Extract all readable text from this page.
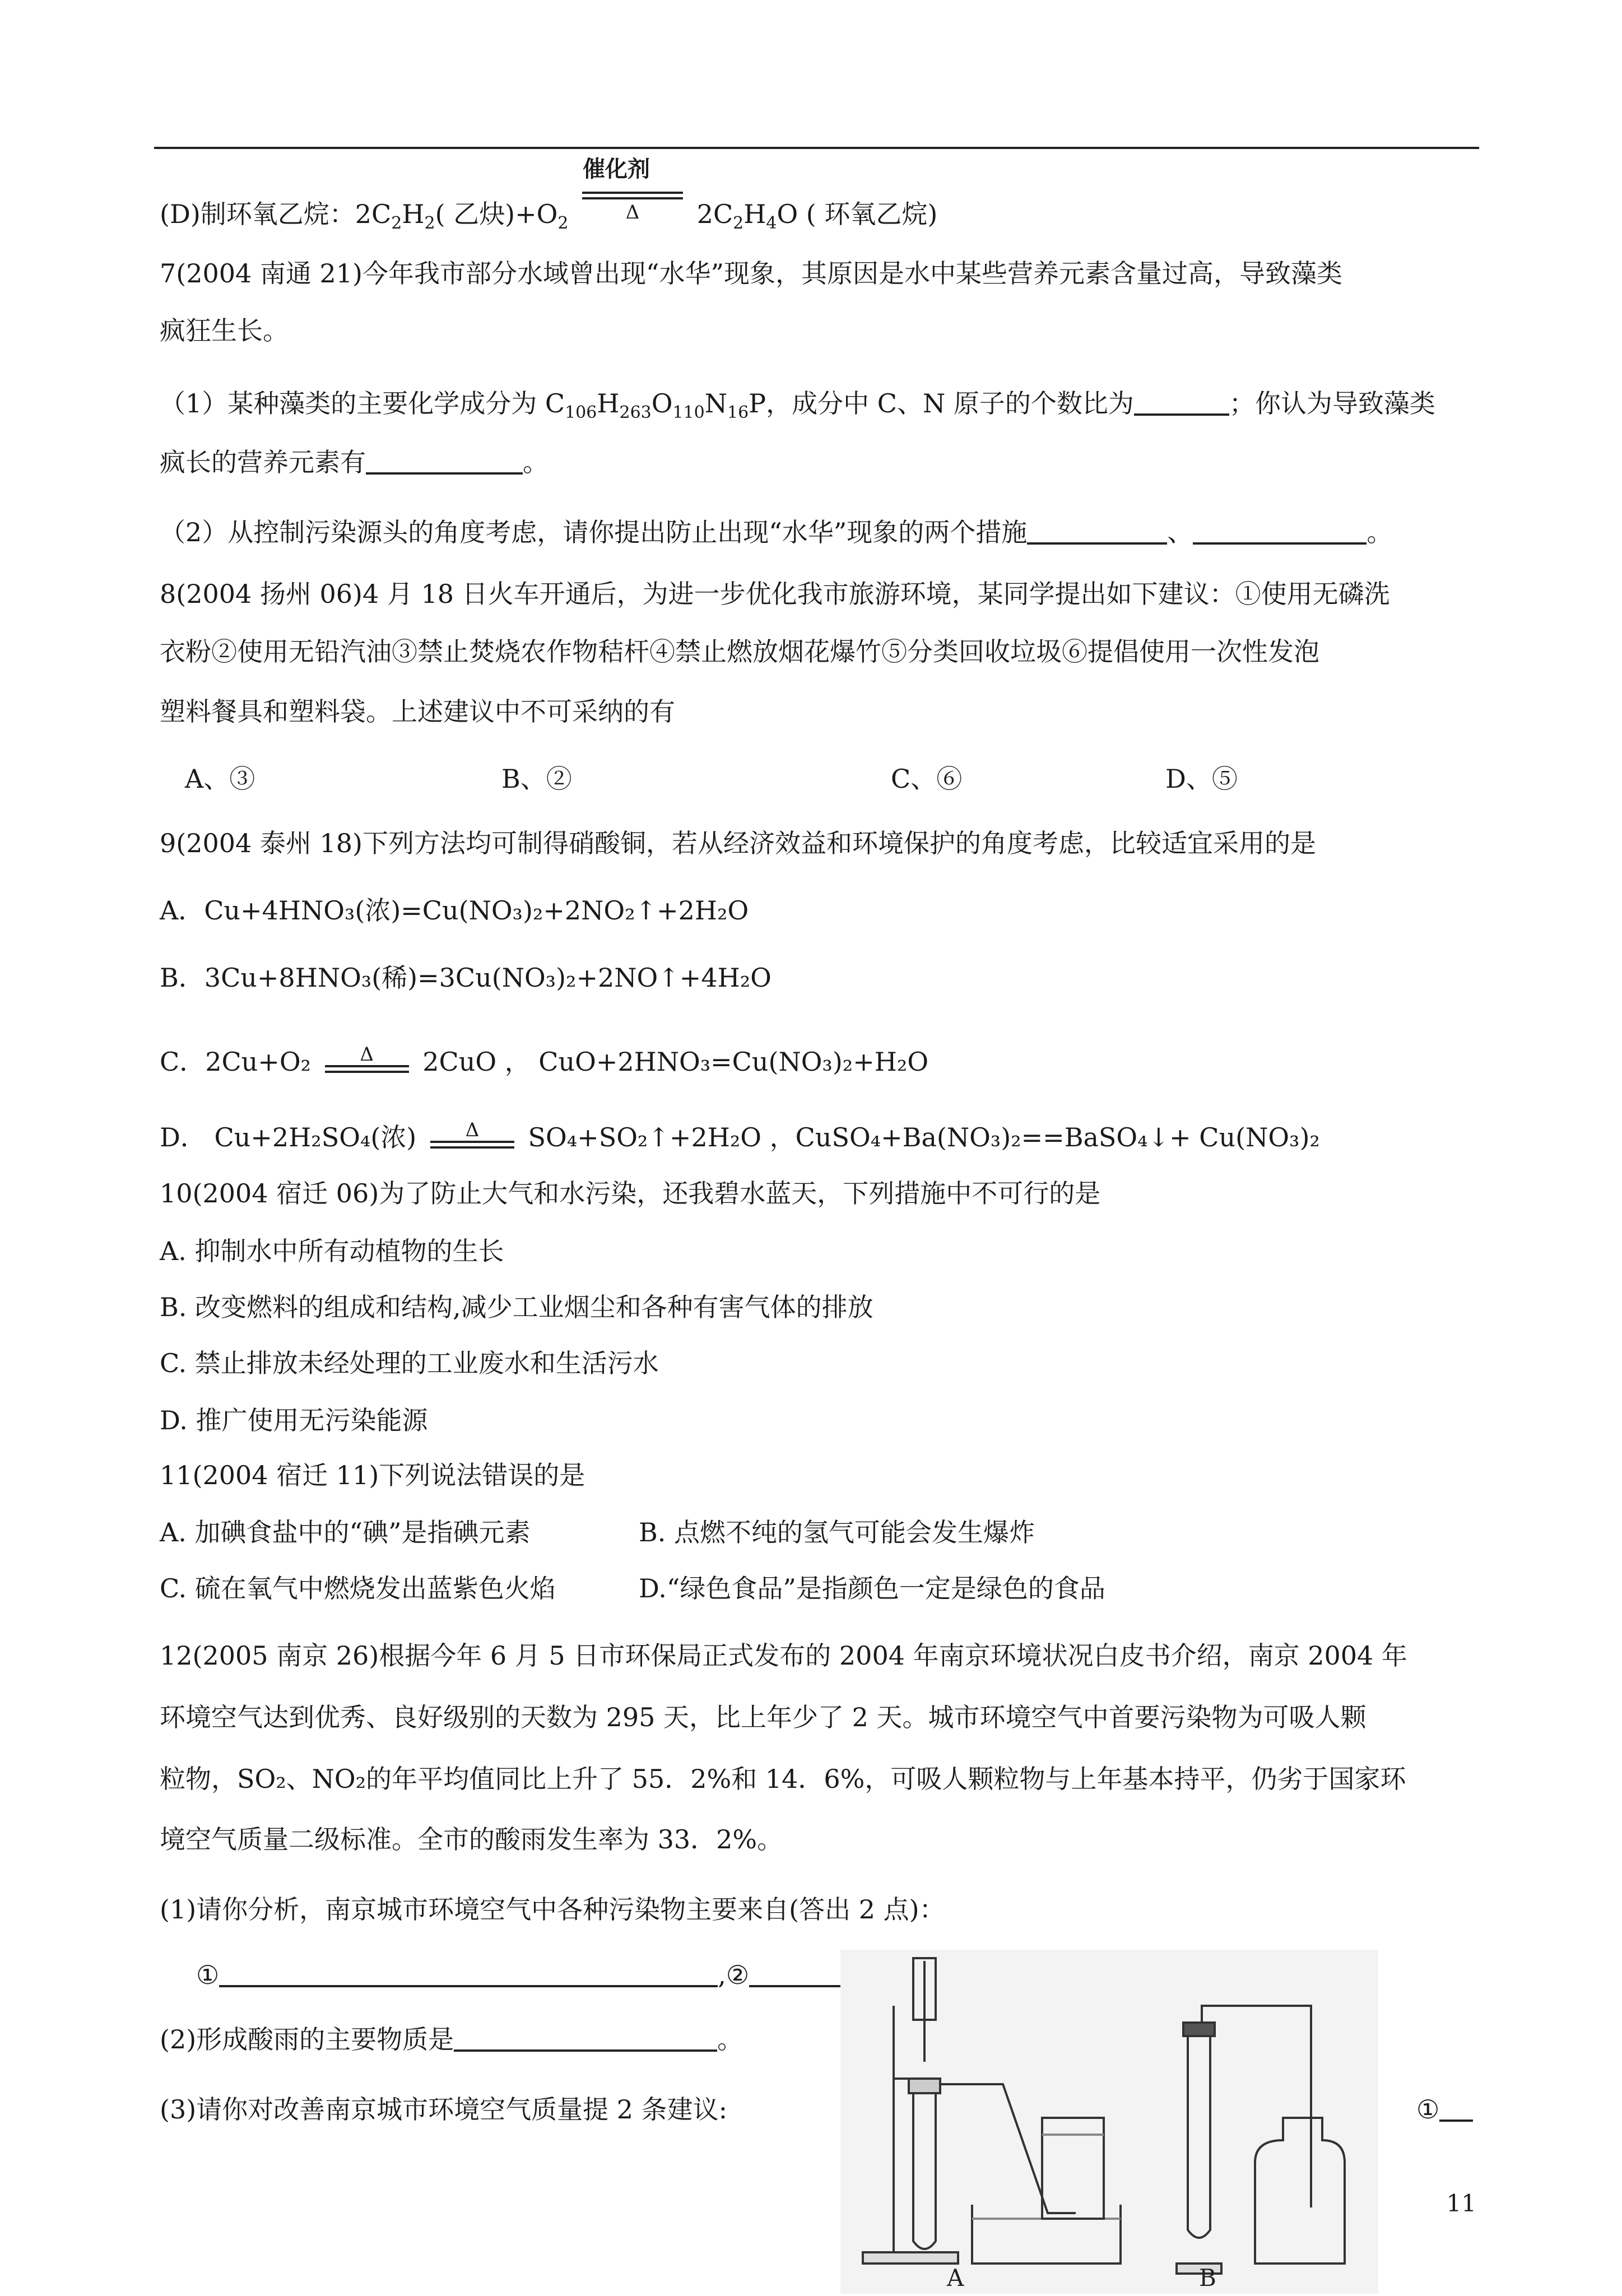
催化剂
(D)制环氧乙烷：$2C_2H_2$( 乙炔)$+O_2$	Δ $2C_2H_4O$ ( 环氧乙烷)
7(2004 南通 21)今年我市部分水域曾出现“水华”现象，其原因是水中某些营养元素含量过高，导致藻类
疯狂生长。
（1）某种藻类的主要化学成分为 $C_{106}H_{263}O_{110}N_{16}P$，成分中 C、N 原子的个数比为	；你认为导致藻类
疯长的营养元素有	。
（2）从控制污染源头的角度考虑，请你提出防止出现“水华”现象的两个措施	、	。
8(2004 扬州 06)4 月 18 日火车开通后，为进一步优化我市旅游环境，某同学提出如下建议：①使用无磷洗
衣粉②使用无铅汽油③禁止焚烧农作物秸杆④禁止燃放烟花爆竹⑤分类回收垃圾⑥提倡使用一次性发泡
塑料餐具和塑料袋。上述建议中不可采纳的有
A、③	B、②	C、⑥	D、⑤
9(2004 泰州 18)下列方法均可制得硝酸铜，若从经济效益和环境保护的角度考虑，比较适宜采用的是
A．Cu+4HNO₃(浓)=Cu(NO₃)₂+2NO₂↑+2H₂O
B．3Cu+8HNO₃(稀)=3Cu(NO₃)₂+2NO↑+4H₂O
C．2Cu+O₂	Δ 2CuO ， CuO+2HNO₃=Cu(NO₃)₂+H₂O
D． Cu+2H₂SO₄(浓)	Δ SO₄+SO₂↑+2H₂O ，CuSO₄+Ba(NO₃)₂==BaSO₄↓+ Cu(NO₃)₂
10(2004 宿迁 06)为了防止大气和水污染，还我碧水蓝天，下列措施中不可行的是
A. 抑制水中所有动植物的生长
B. 改变燃料的组成和结构,减少工业烟尘和各种有害气体的排放
C. 禁止排放未经处理的工业废水和生活污水
D. 推广使用无污染能源
11(2004 宿迁 11)下列说法错误的是
A. 加碘食盐中的“碘”是指碘元素	B. 点燃不纯的氢气可能会发生爆炸
C. 硫在氧气中燃烧发出蓝紫色火焰	D.“绿色食品”是指颜色一定是绿色的食品
12(2005 南京 26)根据今年 6 月 5 日市环保局正式发布的 2004 年南京环境状况白皮书介绍，南京 2004 年
环境空气达到优秀、良好级别的天数为 295 天，比上年少了 2 天。城市环境空气中首要污染物为可吸人颗
粒物，SO₂、NO₂的年平均值同比上升了 55．2%和 14．6%，可吸人颗粒物与上年基本持平，仍劣于国家环
境空气质量二级标准。全市的酸雨发生率为 33．2%。
(1)请你分析，南京城市环境空气中各种污染物主要来自(答出 2 点)：
①	,②
(2)形成酸雨的主要物质是	。
(3)请你对改善南京城市环境空气质量提 2 条建议:	①
A	B
11
